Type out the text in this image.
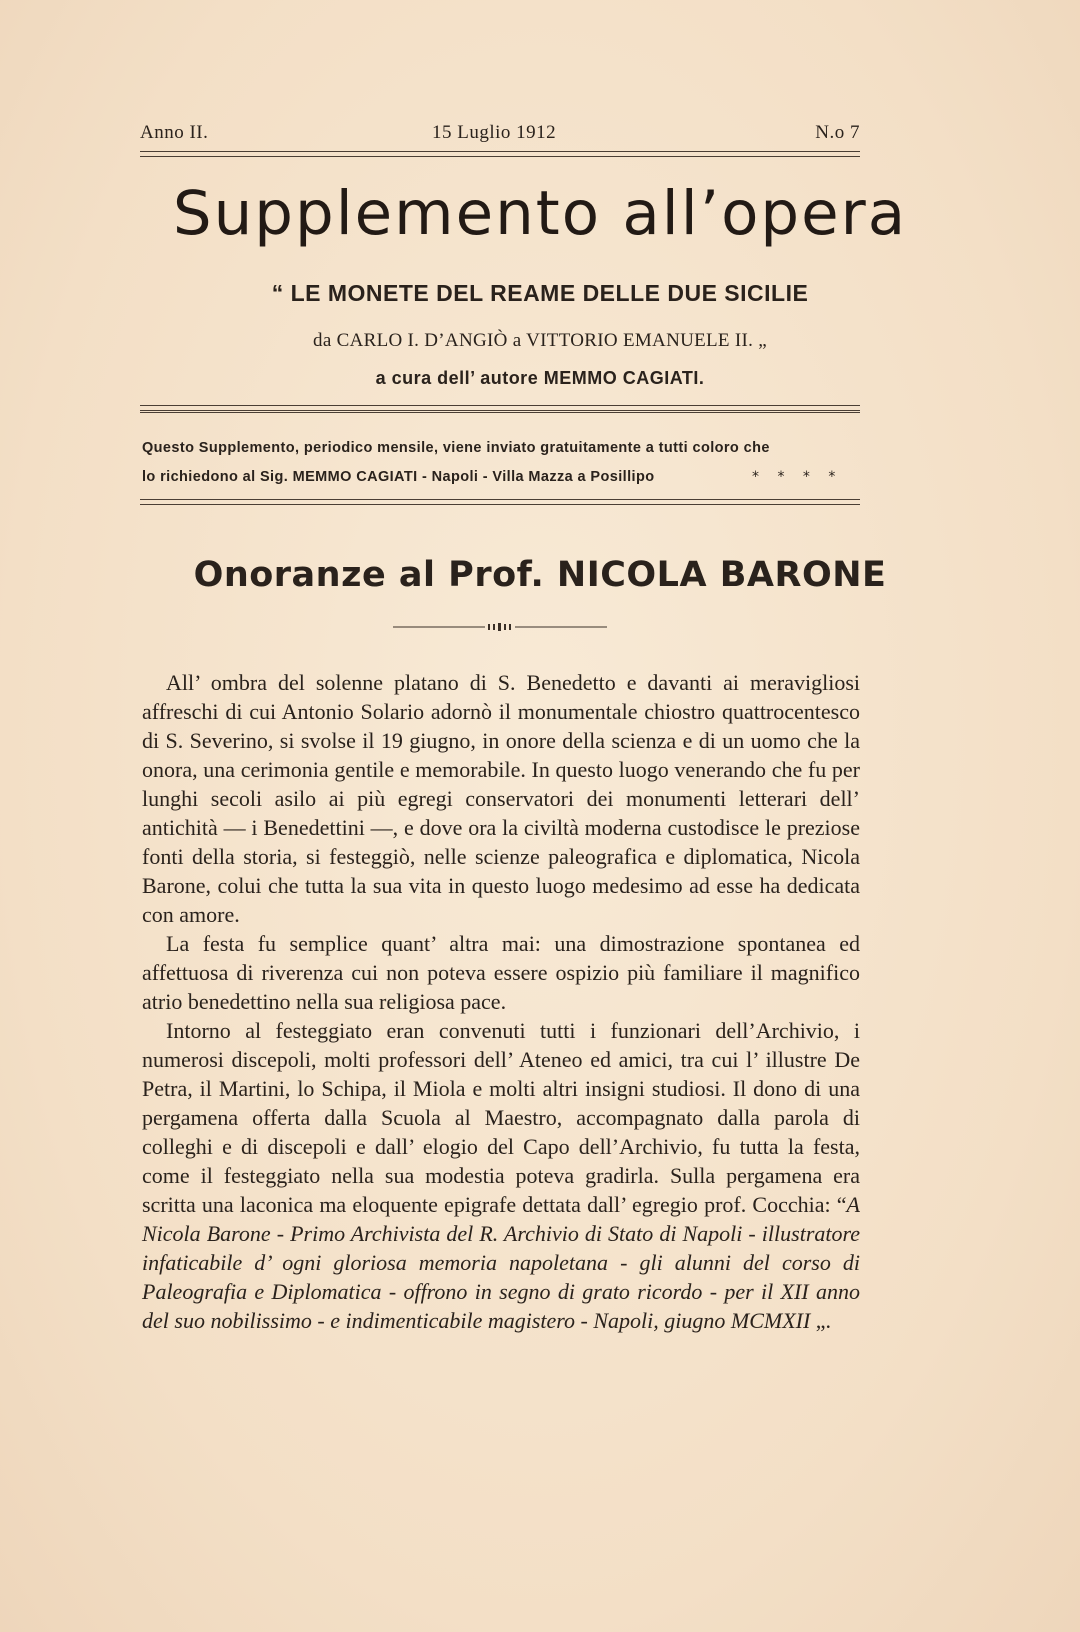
Anno II.	15 Luglio 1912	N.o 7
Supplemento all’opera
“ LE MONETE DEL REAME DELLE DUE SICILIE
da CARLO I. D’ANGIÒ a VITTORIO EMANUELE II. „
a cura dell’ autore MEMMO CAGIATI.
Questo Supplemento, periodico mensile, viene inviato gratuitamente a tutti coloro che
lo richiedono al Sig. MEMMO CAGIATI - Napoli - Villa Mazza a Posillipo	* * * *
Onoranze al Prof. NICOLA BARONE

All’ ombra del solenne platano di S. Benedetto e davanti ai meravigliosi affreschi di cui Antonio Solario adornò il monumentale chiostro quattrocentesco di S. Severino, si svolse il 19 giugno, in onore della scienza e di un uomo che la onora, una cerimonia gentile e memorabile. In questo luogo venerando che fu per lunghi secoli asilo ai più egregi conservatori dei monumenti letterari dell’ antichità — i Benedettini —, e dove ora la civiltà moderna custodisce le preziose fonti della storia, si festeggiò, nelle scienze paleografica e diplomatica, Nicola Barone, colui che tutta la sua vita in questo luogo medesimo ad esse ha dedicata con amore.

La festa fu semplice quant’ altra mai: una dimostrazione spontanea ed affettuosa di riverenza cui non poteva essere ospizio più familiare il magnifico atrio benedettino nella sua religiosa pace.

Intorno al festeggiato eran convenuti tutti i funzionari dell’Archivio, i numerosi discepoli, molti professori dell’ Ateneo ed amici, tra cui l’ illustre De Petra, il Martini, lo Schipa, il Miola e molti altri insigni studiosi. Il dono di una pergamena offerta dalla Scuola al Maestro, accompagnato dalla parola di colleghi e di discepoli e dall’ elogio del Capo dell’Archivio, fu tutta la festa, come il festeggiato nella sua modestia poteva gradirla. Sulla pergamena era scritta una laconica ma eloquente epigrafe dettata dall’ egregio prof. Cocchia: “A Nicola Barone - Primo Archivista del R. Archivio di Stato di Napoli - illustratore infaticabile d’ ogni gloriosa memoria napoletana - gli alunni del corso di Paleografia e Diplomatica - offrono in segno di grato ricordo - per il XII anno del suo nobilissimo - e indimenticabile magistero - Napoli, giugno MCMXII „.
